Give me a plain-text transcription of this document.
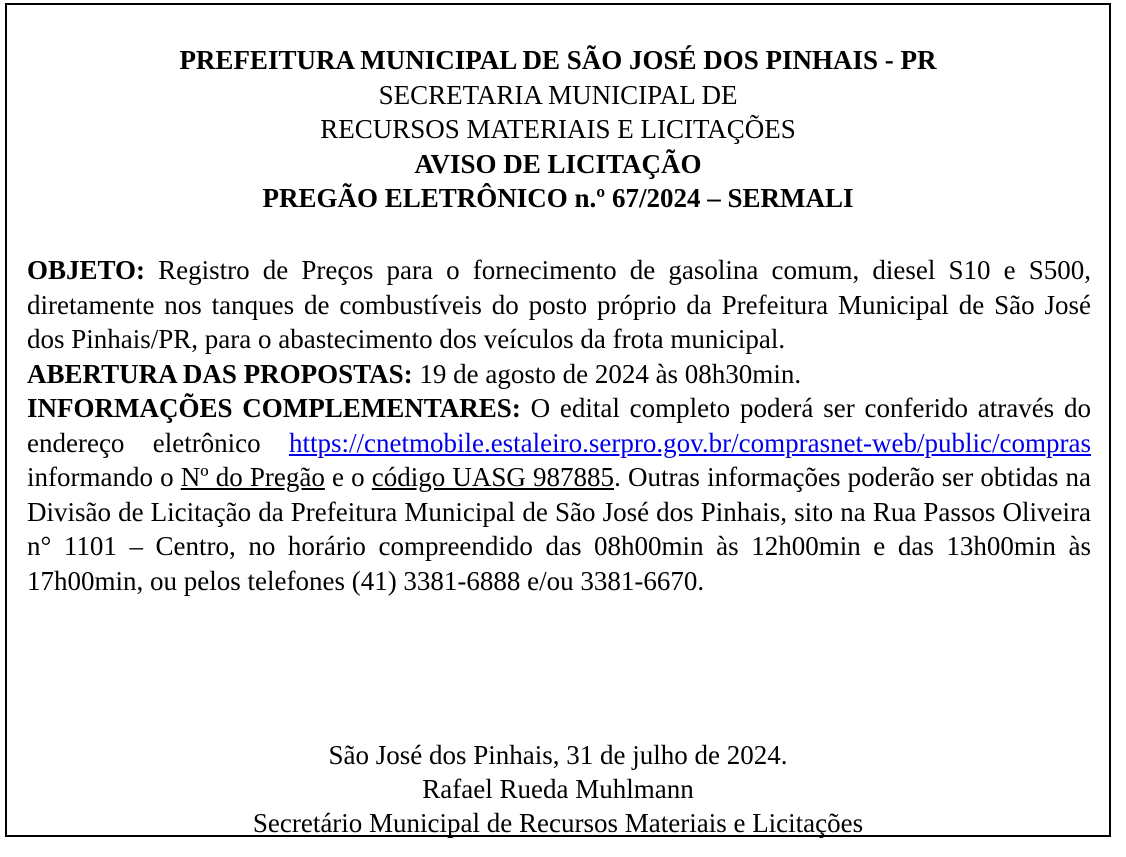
PREFEITURA MUNICIPAL DE SÃO JOSÉ DOS PINHAIS - PR
SECRETARIA MUNICIPAL DE
RECURSOS MATERIAIS E LICITAÇÕES
AVISO DE LICITAÇÃO
PREGÃO ELETRÔNICO n.º 67/2024 – SERMALI

OBJETO: Registro de Preços para o fornecimento de gasolina comum, diesel S10 e S500, diretamente nos tanques de combustíveis do posto próprio da Prefeitura Municipal de São José dos Pinhais/PR, para o abastecimento dos veículos da frota municipal.

ABERTURA DAS PROPOSTAS: 19 de agosto de 2024 às 08h30min.

INFORMAÇÕES COMPLEMENTARES: O edital completo poderá ser conferido através do endereço eletrônico https://cnetmobile.estaleiro.serpro.gov.br/comprasnet-web/public/compras informando o Nº do Pregão e o código UASG 987885. Outras informações poderão ser obtidas na Divisão de Licitação da Prefeitura Municipal de São José dos Pinhais, sito na Rua Passos Oliveira n° 1101 – Centro, no horário compreendido das 08h00min às 12h00min e das 13h00min às 17h00min, ou pelos telefones (41) 3381-6888 e/ou 3381-6670.

São José dos Pinhais, 31 de julho de 2024.
Rafael Rueda Muhlmann
Secretário Municipal de Recursos Materiais e Licitações
